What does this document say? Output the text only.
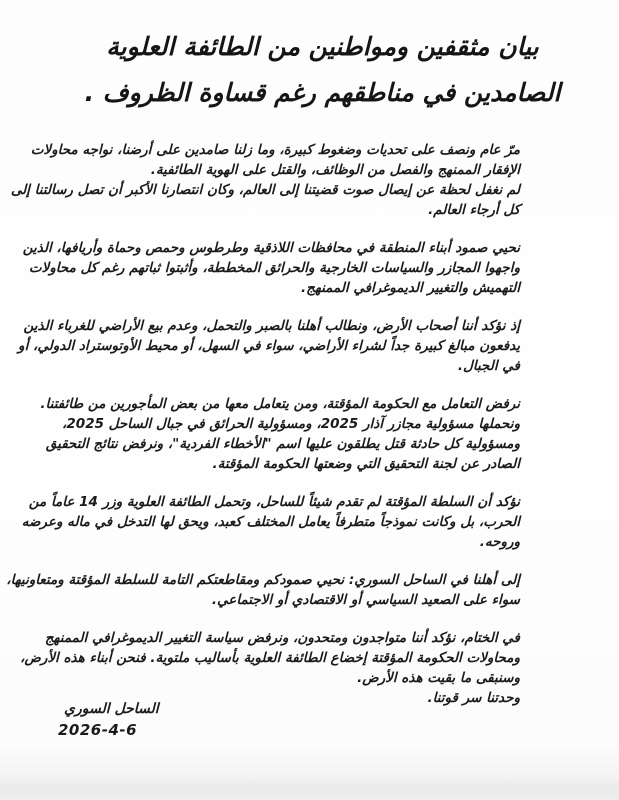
بيان مثقفين ومواطنين من الطائفة العلوية
الصامدين في مناطقهم رغم قساوة الظروف .
مرّ عام ونصف على تحديات وضغوط كبيرة، وما زلنا صامدين على أرضنا، نواجه محاولات
الإفقار الممنهج والفصل من الوظائف، والقتل على الهوية الطائفية.
لم نغفل لحظة عن إيصال صوت قضيتنا إلى العالم، وكان انتصارنا الأكبر أن تصل رسالتنا إلى
كل أرجاء العالم.
نحيي صمود أبناء المنطقة في محافظات اللاذقية وطرطوس وحمص وحماة وأريافها، الذين
واجهوا المجازر والسياسات الخارجية والحرائق المخططة، وأثبتوا ثباتهم رغم كل محاولات
التهميش والتغيير الديموغرافي الممنهج.
إذ نؤكد أننا أصحاب الأرض، ونطالب أهلنا بالصبر والتحمل، وعدم بيع الأراضي للغرباء الذين
يدفعون مبالغ كبيرة جداً لشراء الأراضي، سواء في السهل، أو محيط الأوتوستراد الدولي، أو
في الجبال.
نرفض التعامل مع الحكومة المؤقتة، ومن يتعامل معها من بعض المأجورين من طائفتنا.
ونحملها مسؤولية مجازر آذار 2025، ومسؤولية الحرائق في جبال الساحل 2025،
ومسؤولية كل حادثة قتل يطلقون عليها اسم "الأخطاء الفردية"، ونرفض نتائج التحقيق
الصادر عن لجنة التحقيق التي وضعتها الحكومة المؤقتة.
نؤكد أن السلطة المؤقتة لم تقدم شيئاً للساحل، وتحمل الطائفة العلوية وزر 14 عاماً من
الحرب، بل وكانت نموذجاً متطرفاً يعامل المختلف كعبد، ويحق لها التدخل في ماله وعرضه
وروحه.
إلى أهلنا في الساحل السوري: نحيي صمودكم ومقاطعتكم التامة للسلطة المؤقتة ومتعاونيها،
سواء على الصعيد السياسي أو الاقتصادي أو الاجتماعي.
في الختام، نؤكد أننا متواجدون ومتحدون، ونرفض سياسة التغيير الديموغرافي الممنهج
ومحاولات الحكومة المؤقتة إخضاع الطائفة العلوية بأساليب ملتوية. فنحن أبناء هذه الأرض،
وسنبقى ما بقيت هذه الأرض.
وحدتنا سر قوتنا.
الساحل السوري
2026-4-6
